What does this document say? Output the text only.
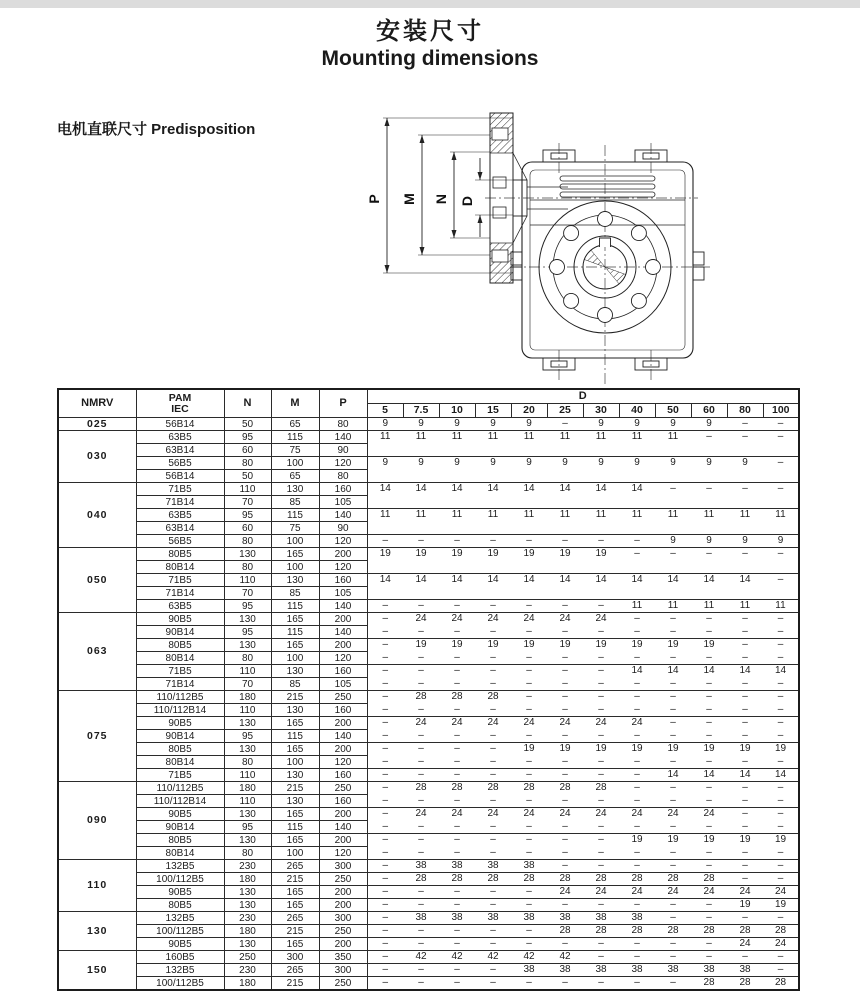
安装尺寸
Mounting dimensions
电机直联尺寸 Predisposition
P M N D
NMRV	PAM
IEC	N	M	P	D											
					5	7.5	10	15	20	25	30	40	50	60	80	100
025	56B14	50	65	80	9	9	9	9	9	–	9	9	9	9	–	–
030	63B5	95	115	140	11	11	11	11	11	11	11	11	11	–	–	–
	63B14	60	75	90												
	56B5	80	100	120	9	9	9	9	9	9	9	9	9	9	9	–
	56B14	50	65	80												
040	71B5	110	130	160	14	14	14	14	14	14	14	14	–	–	–	–
	71B14	70	85	105												
	63B5	95	115	140	11	11	11	11	11	11	11	11	11	11	11	11
	63B14	60	75	90												
	56B5	80	100	120	–	–	–	–	–	–	–	–	9	9	9	9
050	80B5	130	165	200	19	19	19	19	19	19	19	–	–	–	–	–
	80B14	80	100	120												
	71B5	110	130	160	14	14	14	14	14	14	14	14	14	14	14	–
	71B14	70	85	105												
	63B5	95	115	140	–	–	–	–	–	–	–	11	11	11	11	11
063	90B5	130	165	200	–	24	24	24	24	24	24	–	–	–	–	–
	90B14	95	115	140	–	–	–	–	–	–	–	–	–	–	–	–
	80B5	130	165	200	–	19	19	19	19	19	19	19	19	19	–	–
	80B14	80	100	120	–	–	–	–	–	–	–	–	–	–	–	–
	71B5	110	130	160	–	–	–	–	–	–	–	14	14	14	14	14
	71B14	70	85	105	–	–	–	–	–	–	–	–	–	–	–	–
075	110/112B5	180	215	250	–	28	28	28	–	–	–	–	–	–	–	–
	110/112B14	110	130	160	–	–	–	–	–	–	–	–	–	–	–	–
	90B5	130	165	200	–	24	24	24	24	24	24	24	–	–	–	–
	90B14	95	115	140	–	–	–	–	–	–	–	–	–	–	–	–
	80B5	130	165	200	–	–	–	–	19	19	19	19	19	19	19	19
	80B14	80	100	120	–	–	–	–	–	–	–	–	–	–	–	–
	71B5	110	130	160	–	–	–	–	–	–	–	–	14	14	14	14
090	110/112B5	180	215	250	–	28	28	28	28	28	28	–	–	–	–	–
	110/112B14	110	130	160	–	–	–	–	–	–	–	–	–	–	–	–
	90B5	130	165	200	–	24	24	24	24	24	24	24	24	24	–	–
	90B14	95	115	140	–	–	–	–	–	–	–	–	–	–	–	–
	80B5	130	165	200	–	–	–	–	–	–	–	19	19	19	19	19
	80B14	80	100	120	–	–	–	–	–	–	–	–	–	–	–	–
110	132B5	230	265	300	–	38	38	38	38	–	–	–	–	–	–	–
	100/112B5	180	215	250	–	28	28	28	28	28	28	28	28	28	–	–
	90B5	130	165	200	–	–	–	–	–	24	24	24	24	24	24	24
	80B5	130	165	200	–	–	–	–	–	–	–	–	–	–	19	19
130	132B5	230	265	300	–	38	38	38	38	38	38	38	–	–	–	–
	100/112B5	180	215	250	–	–	–	–	–	28	28	28	28	28	28	28
	90B5	130	165	200	–	–	–	–	–	–	–	–	–	–	24	24
150	160B5	250	300	350	–	42	42	42	42	42	–	–	–	–	–	–
	132B5	230	265	300	–	–	–	–	38	38	38	38	38	38	38	–
	100/112B5	180	215	250	–	–	–	–	–	–	–	–	–	28	28	28
